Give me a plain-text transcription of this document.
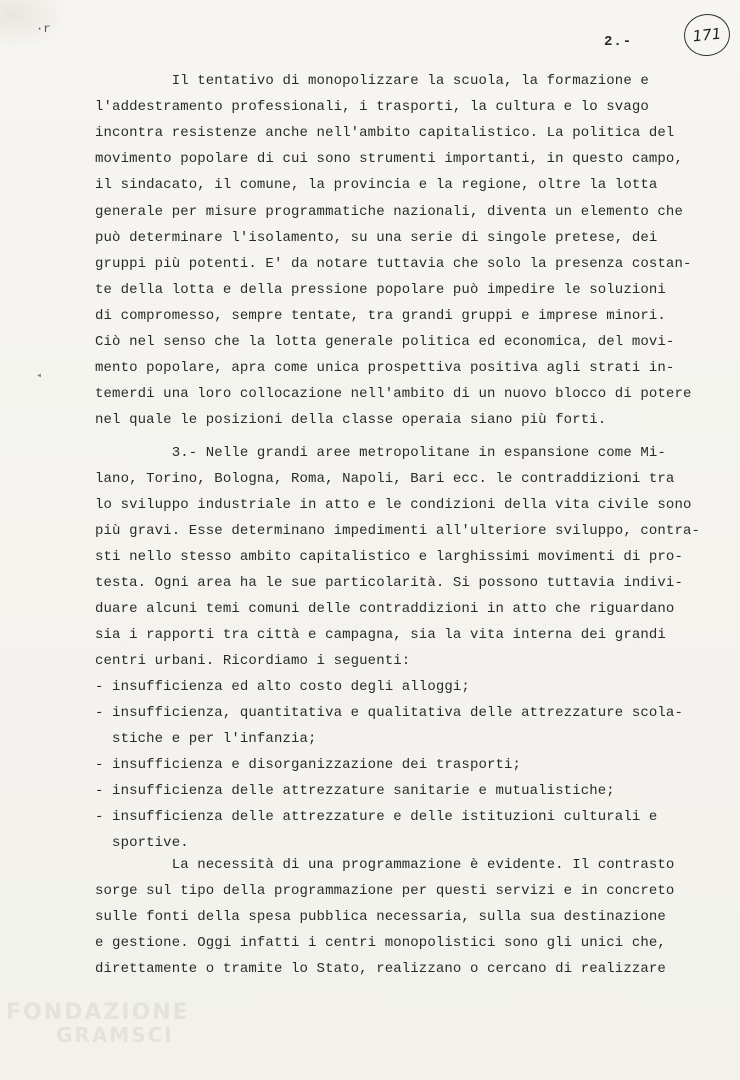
·r
2.-	171
Il tentativo di monopolizzare la scuola, la formazione e
l'addestramento professionali, i trasporti, la cultura e lo svago
incontra resistenze anche nell'ambito capitalistico. La politica del
movimento popolare di cui sono strumenti importanti, in questo campo,
il sindacato, il comune, la provincia e la regione, oltre la lotta
generale per misure programmatiche nazionali, diventa un elemento che
può determinare l'isolamento, su una serie di singole pretese, dei
gruppi più potenti. E' da notare tuttavia che solo la presenza costan-
te della lotta e della pressione popolare può impedire le soluzioni
di compromesso, sempre tentate, tra grandi gruppi e imprese minori.
Ciò nel senso che la lotta generale politica ed economica, del movi-
mento popolare, apra come unica prospettiva positiva agli strati in-
temerdi una loro collocazione nell'ambito di un nuovo blocco di potere
nel quale le posizioni della classe operaia siano più forti.
3.- Nelle grandi aree metropolitane in espansione come Mi-
lano, Torino, Bologna, Roma, Napoli, Bari ecc. le contraddizioni tra
lo sviluppo industriale in atto e le condizioni della vita civile sono
più gravi. Esse determinano impedimenti all'ulteriore sviluppo, contra-
sti nello stesso ambito capitalistico e larghissimi movimenti di pro-
testa. Ogni area ha le sue particolarità. Si possono tuttavia indivi-
duare alcuni temi comuni delle contraddizioni in atto che riguardano
sia i rapporti tra città e campagna, sia la vita interna dei grandi
centri urbani. Ricordiamo i seguenti:
- insufficienza ed alto costo degli alloggi;
- insufficienza, quantitativa e qualitativa delle attrezzature scola-
stiche e per l'infanzia;
- insufficienza e disorganizzazione dei trasporti;
- insufficienza delle attrezzature sanitarie e mutualistiche;
- insufficienza delle attrezzature e delle istituzioni culturali e
sportive.
La necessità di una programmazione è evidente. Il contrasto
sorge sul tipo della programmazione per questi servizi e in concreto
sulle fonti della spesa pubblica necessaria, sulla sua destinazione
e gestione. Oggi infatti i centri monopolistici sono gli unici che,
direttamente o tramite lo Stato, realizzano o cercano di realizzare
◂
FONDAZIONE
GRAMSCI
